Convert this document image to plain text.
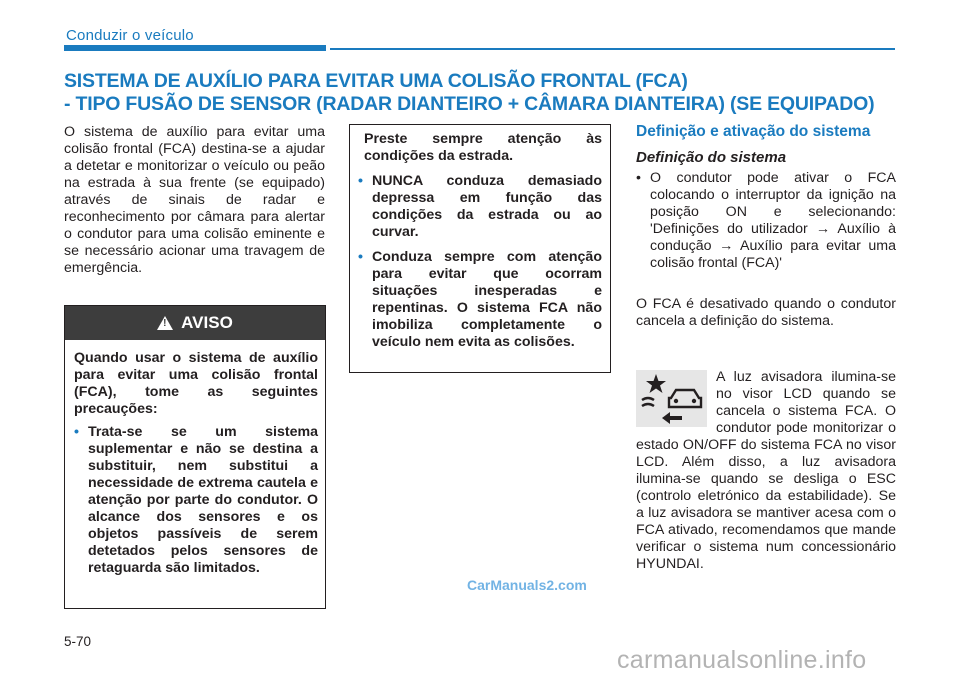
Conduzir o veículo
SISTEMA DE AUXÍLIO PARA EVITAR UMA COLISÃO FRONTAL (FCA)
- TIPO FUSÃO DE SENSOR (RADAR DIANTEIRO + CÂMARA DIANTEIRA) (SE EQUIPADO)
O sistema de auxílio para evitar uma colisão frontal (FCA) destina-se a ajudar a detetar e monitorizar o veículo ou peão na estrada à sua frente (se equipado) através de sinais de radar e reconhecimento por câmara para alertar o condutor para uma colisão eminente e se necessário acionar uma travagem de emergência.
!
AVISO
Quando usar o sistema de auxílio para evitar uma colisão frontal (FCA), tome as seguintes precauções:
• Trata-se se um sistema suplementar e não se destina a substituir, nem substitui a necessidade de extrema cautela e atenção por parte do condutor. O alcance dos sensores e os objetos passíveis de serem detetados pelos sensores de retaguarda são limitados.
Preste sempre atenção às condições da estrada.
• NUNCA conduza demasiado depressa em função das condições da estrada ou ao curvar.
• Conduza sempre com atenção para evitar que ocorram situações inesperadas e repentinas. O sistema FCA não imobiliza completamente o veículo nem evita as colisões.
Definição e ativação do sistema
Definição do sistema
• O condutor pode ativar o FCA colocando o interruptor da ignição na posição ON e selecionando: 'Definições do utilizador → Auxílio à condução → Auxílio para evitar uma colisão frontal (FCA)'
O FCA é desativado quando o condutor cancela a definição do sistema.
A luz avisadora ilumina-se no visor LCD quando se cancela o sistema FCA. O condutor pode monitorizar o estado ON/OFF do sistema FCA no visor LCD. Além disso, a luz avisadora ilumina-se quando se desliga o ESC (controlo eletrónico da estabilidade). Se a luz avisadora se mantiver acesa com o FCA ativado, recomendamos que mande verificar o sistema num concessionário HYUNDAI.
5-70
CarManuals2.com
carmanualsonline.info
